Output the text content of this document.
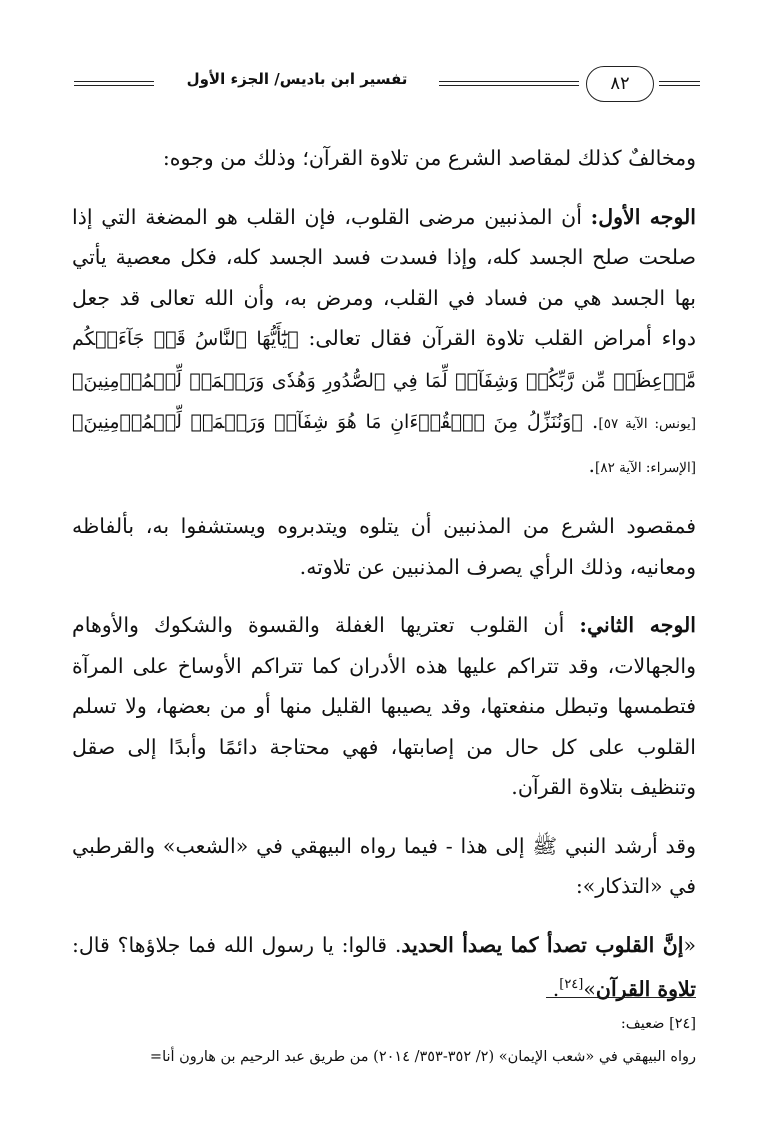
تفسير ابن باديس/ الجزء الأول	٨٢

ومخالفٌ كذلك لمقاصد الشرع من تلاوة القرآن؛ وذلك من وجوه:

الوجه الأول: أن المذنبين مرضى القلوب، فإن القلب هو المضغة التي إذا صلحت صلح الجسد كله، وإذا فسدت فسد الجسد كله، فكل معصية يأتي بها الجسد هي من فساد في القلب، ومرض به، وأن الله تعالى قد جعل دواء أمراض القلب تلاوة القرآن فقال تعالى: ﴿يَٰٓأَيُّهَا ٱلنَّاسُ قَدۡ جَآءَتۡكُم مَّوۡعِظَةٞ مِّن رَّبِّكُمۡ وَشِفَآءٞ لِّمَا فِي ٱلصُّدُورِ وَهُدٗى وَرَحۡمَةٞ لِّلۡمُؤۡمِنِينَ﴾ [يونس: الآية ٥٧]. ﴿وَنُنَزِّلُ مِنَ ٱلۡقُرۡءَانِ مَا هُوَ شِفَآءٞ وَرَحۡمَةٞ لِّلۡمُؤۡمِنِينَ﴾ [الإسراء: الآية ٨٢].

فمقصود الشرع من المذنبين أن يتلوه ويتدبروه ويستشفوا به، بألفاظه ومعانيه، وذلك الرأي يصرف المذنبين عن تلاوته.

الوجه الثاني: أن القلوب تعتريها الغفلة والقسوة والشكوك والأوهام والجهالات، وقد تتراكم عليها هذه الأدران كما تتراكم الأوساخ على المرآة فتطمسها وتبطل منفعتها، وقد يصيبها القليل منها أو من بعضها، ولا تسلم القلوب على كل حال من إصابتها، فهي محتاجة دائمًا وأبدًا إلى صقل وتنظيف بتلاوة القرآن.

وقد أرشد النبي ﷺ إلى هذا - فيما رواه البيهقي في «الشعب» والقرطبي في «التذكار»:

«إنَّ القلوب تصدأ كما يصدأ الحديد. قالوا: يا رسول الله فما جلاؤها؟ قال: تلاوة القرآن»[٢٤].

[٢٤] ضعيف:
رواه البيهقي في «شعب الإيمان» (٢/ ٣٥٢-٣٥٣/ ٢٠١٤) من طريق عبد الرحيم بن هارون أنا=
